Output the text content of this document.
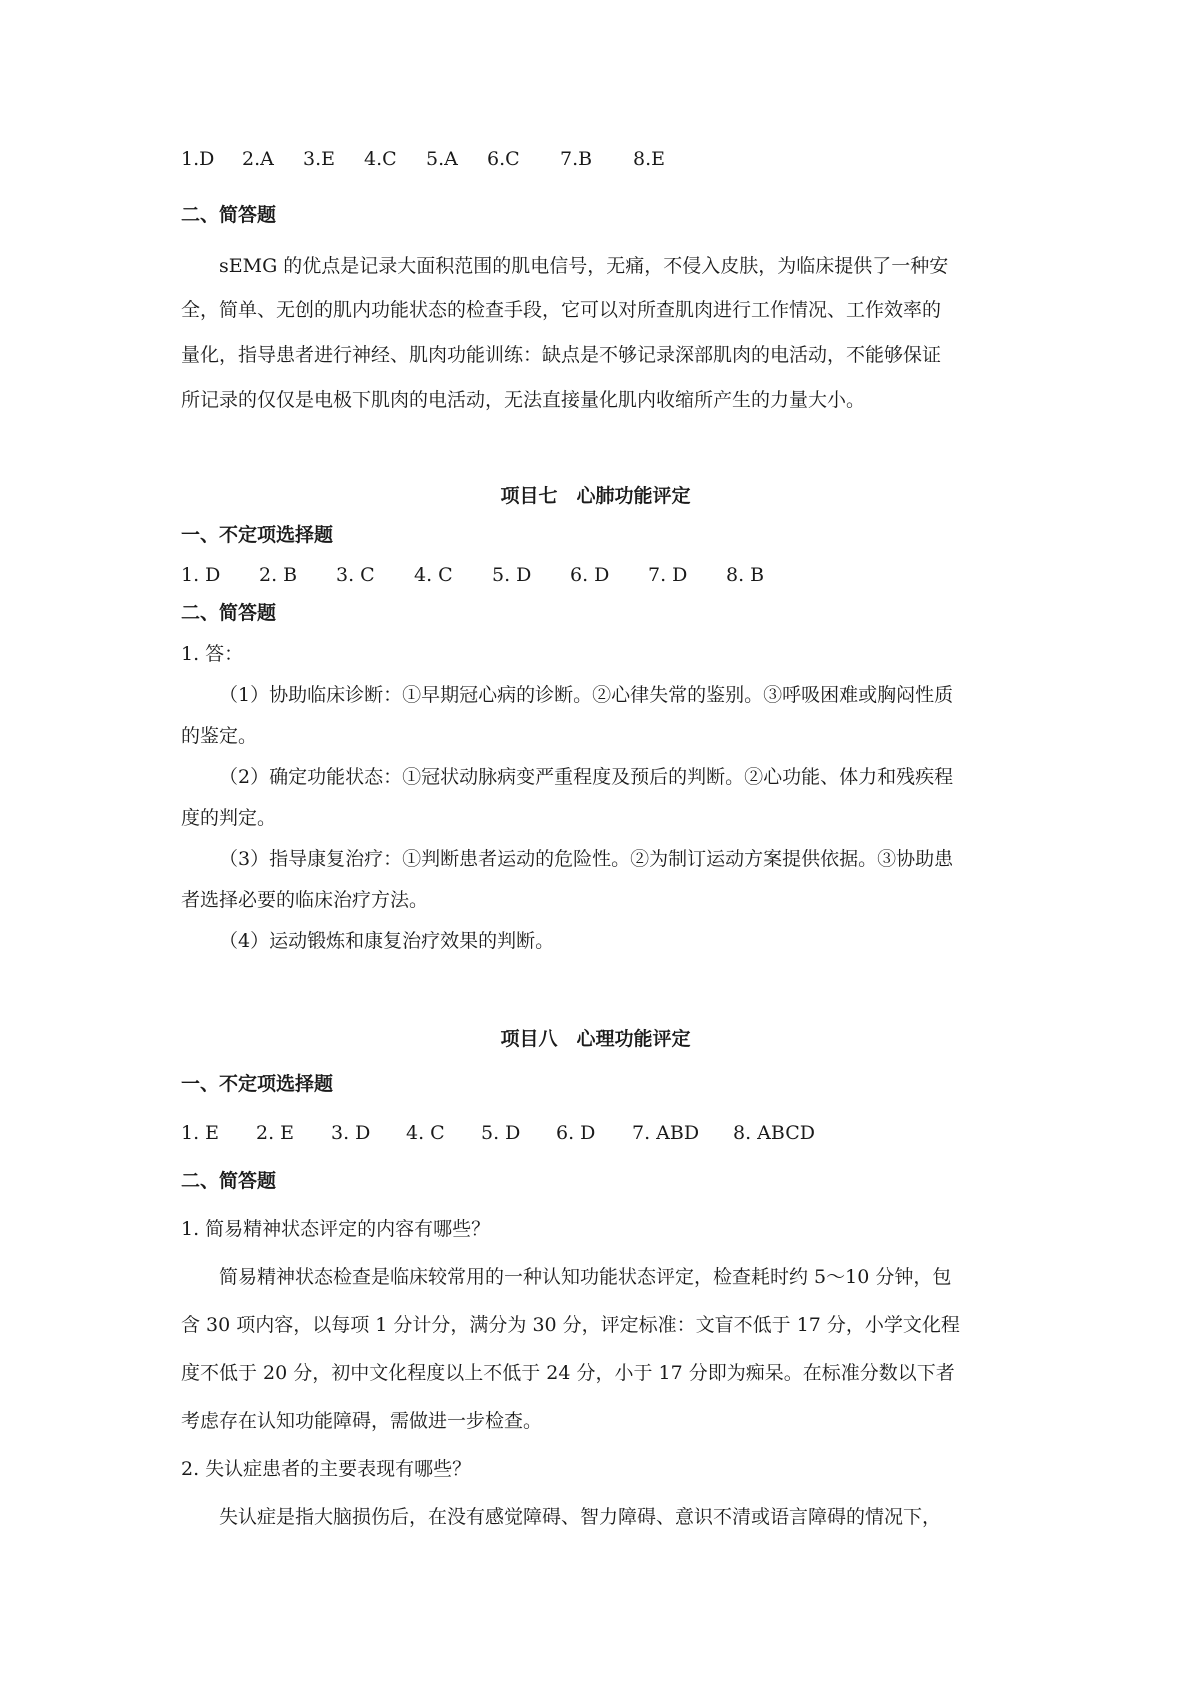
1.D 2.A 3.E 4.C 5.A 6.C 7.B 8.E
二、简答题
sEMG 的优点是记录大面积范围的肌电信号，无痛，不侵入皮肤，为临床提供了一种安
全，简单、无创的肌内功能状态的检查手段，它可以对所查肌肉进行工作情况、工作效率的
量化，指导患者进行神经、肌肉功能训练：缺点是不够记录深部肌肉的电活动，不能够保证
所记录的仅仅是电极下肌肉的电活动，无法直接量化肌内收缩所产生的力量大小。
项目七　心肺功能评定
一、不定项选择题
1. D 2. B 3. C 4. C 5. D 6. D 7. D 8. B
二、简答题
1. 答：
（1）协助临床诊断：①早期冠心病的诊断。②心律失常的鉴别。③呼吸困难或胸闷性质
的鉴定。
（2）确定功能状态：①冠状动脉病变严重程度及预后的判断。②心功能、体力和残疾程
度的判定。
（3）指导康复治疗：①判断患者运动的危险性。②为制订运动方案提供依据。③协助患
者选择必要的临床治疗方法。
（4）运动锻炼和康复治疗效果的判断。
项目八　心理功能评定
一、不定项选择题
1. E 2. E 3. D 4. C 5. D 6. D 7. ABD 8. ABCD
二、简答题
1. 简易精神状态评定的内容有哪些？
简易精神状态检查是临床较常用的一种认知功能状态评定，检查耗时约 5～10 分钟，包
含 30 项内容，以每项 1 分计分，满分为 30 分，评定标准：文盲不低于 17 分，小学文化程
度不低于 20 分，初中文化程度以上不低于 24 分，小于 17 分即为痴呆。在标准分数以下者
考虑存在认知功能障碍，需做进一步检查。
2. 失认症患者的主要表现有哪些？
失认症是指大脑损伤后，在没有感觉障碍、智力障碍、意识不清或语言障碍的情况下，
